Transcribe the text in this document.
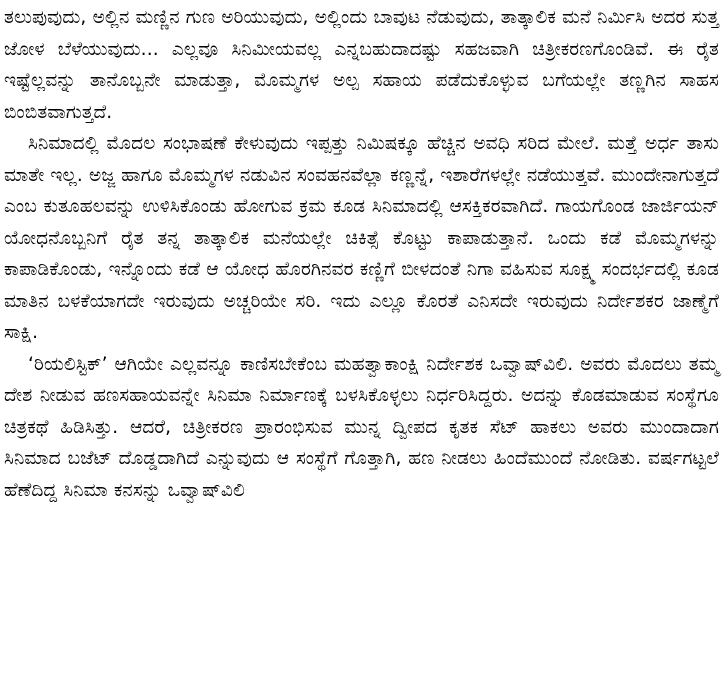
ತಲುಪುವುದು, ಅಲ್ಲಿನ ಮಣ್ಣಿನ ಗುಣ ಅರಿಯುವುದು, ಅಲ್ಲಿಂದು ಬಾವುಟ ನೆಡುವುದು, ತಾತ್ಕಾಲಿಕ ಮನೆ ನಿರ್ಮಿಸಿ ಅದರ ಸುತ್ತ ಜೋಳ ಬೆಳೆಯುವುದು... ಎಲ್ಲವೂ ಸಿನಿಮೀಯವಲ್ಲ ಎನ್ನಬಹುದಾದಷ್ಟು ಸಹಜವಾಗಿ ಚಿತ್ರೀಕರಣಗೊಂಡಿವೆ. ಈ ರೈತ ಇಷ್ಟೆಲ್ಲವನ್ನು ತಾನೊಬ್ಬನೇ ಮಾಡುತ್ತಾ, ಮೊಮ್ಮಗಳ ಅಲ್ಪ ಸಹಾಯ ಪಡೆದುಕೊಳ್ಳುವ ಬಗೆಯಲ್ಲೇ ತಣ್ಣಗಿನ ಸಾಹಸ ಬಿಂಬಿತವಾಗುತ್ತದೆ.

ಸಿನಿಮಾದಲ್ಲಿ ಮೊದಲ ಸಂಭಾಷಣೆ ಕೇಳುವುದು ಇಪ್ಪತ್ತು ನಿಮಿಷಕ್ಕೂ ಹೆಚ್ಚಿನ ಅವಧಿ ಸರಿದ ಮೇಲೆ. ಮತ್ತೆ ಅರ್ಧ ತಾಸು ಮಾತೇ ಇಲ್ಲ. ಅಜ್ಜ ಹಾಗೂ ಮೊಮ್ಮಗಳ ನಡುವಿನ ಸಂವಹನವೆಲ್ಲಾ ಕಣ್ಣನ್ನೆ, ಇಶಾರೆಗಳಲ್ಲೇ ನಡೆಯುತ್ತವೆ. ಮುಂದೇನಾಗುತ್ತದೆ ಎಂಬ ಕುತೂಹಲವನ್ನು ಉಳಿಸಿಕೊಂಡು ಹೋಗುವ ಕ್ರಮ ಕೂಡ ಸಿನಿಮಾದಲ್ಲಿ ಆಸಕ್ತಿಕರವಾಗಿದೆ. ಗಾಯಗೊಂಡ ಜಾರ್ಜಿಯನ್ ಯೋಧನೊಬ್ಬನಿಗೆ ರೈತ ತನ್ನ ತಾತ್ಕಾಲಿಕ ಮನೆಯಲ್ಲೇ ಚಿಕಿತ್ಸೆ ಕೊಟ್ಟು ಕಾಪಾಡುತ್ತಾನೆ. ಒಂದು ಕಡೆ ಮೊಮ್ಮಗಳನ್ನು ಕಾಪಾಡಿಕೊಂಡು, ಇನ್ನೊಂದು ಕಡೆ ಆ ಯೋಧ ಹೊರಗಿನವರ ಕಣ್ಣಿಗೆ ಬೀಳದಂತೆ ನಿಗಾ ವಹಿಸುವ ಸೂಕ್ಷ್ಮ ಸಂದರ್ಭದಲ್ಲಿ ಕೂಡ ಮಾತಿನ ಬಳಕೆಯಾಗದೇ ಇರುವುದು ಅಚ್ಚರಿಯೇ ಸರಿ. ಇದು ಎಲ್ಲೂ ಕೊರತೆ ಎನಿಸದೇ ಇರುವುದು ನಿರ್ದೇಶಕರ ಜಾಣ್ಮೆಗೆ ಸಾಕ್ಷಿ.

‘ರಿಯಲಿಸ್ಟಿಕ್’ ಆಗಿಯೇ ಎಲ್ಲವನ್ನೂ ಕಾಣಿಸಬೇಕೆಂಬ ಮಹತ್ವಾಕಾಂಕ್ಷಿ ನಿರ್ದೇಶಕ ಒವ್ವಾಷ್‌ವಿಲಿ. ಅವರು ಮೊದಲು ತಮ್ಮ ದೇಶ ನೀಡುವ ಹಣಸಹಾಯವನ್ನೇ ಸಿನಿಮಾ ನಿರ್ಮಾಣಕ್ಕೆ ಬಳಸಿಕೊಳ್ಳಲು ನಿರ್ಧರಿಸಿದ್ದರು. ಅದನ್ನು ಕೊಡಮಾಡುವ ಸಂಸ್ಥೆಗೂ ಚಿತ್ರಕಥೆ ಹಿಡಿಸಿತ್ತು. ಆದರೆ, ಚಿತ್ರೀಕರಣ ಪ್ರಾರಂಭಿಸುವ ಮುನ್ನ ದ್ವೀಪದ ಕೃತಕ ಸೆಟ್ ಹಾಕಲು ಅವರು ಮುಂದಾದಾಗ ಸಿನಿಮಾದ ಬಜೆಟ್ ದೊಡ್ಡದಾಗಿದೆ ಎನ್ನುವುದು ಆ ಸಂಸ್ಥೆಗೆ ಗೊತ್ತಾಗಿ, ಹಣ ನೀಡಲು ಹಿಂದೆಮುಂದೆ ನೋಡಿತು. ವರ್ಷಗಟ್ಟಲೆ ಹೆಣೆದಿದ್ದ ಸಿನಿಮಾ ಕನಸನ್ನು ಒವ್ವಾಷ್‌ವಿಲಿ
